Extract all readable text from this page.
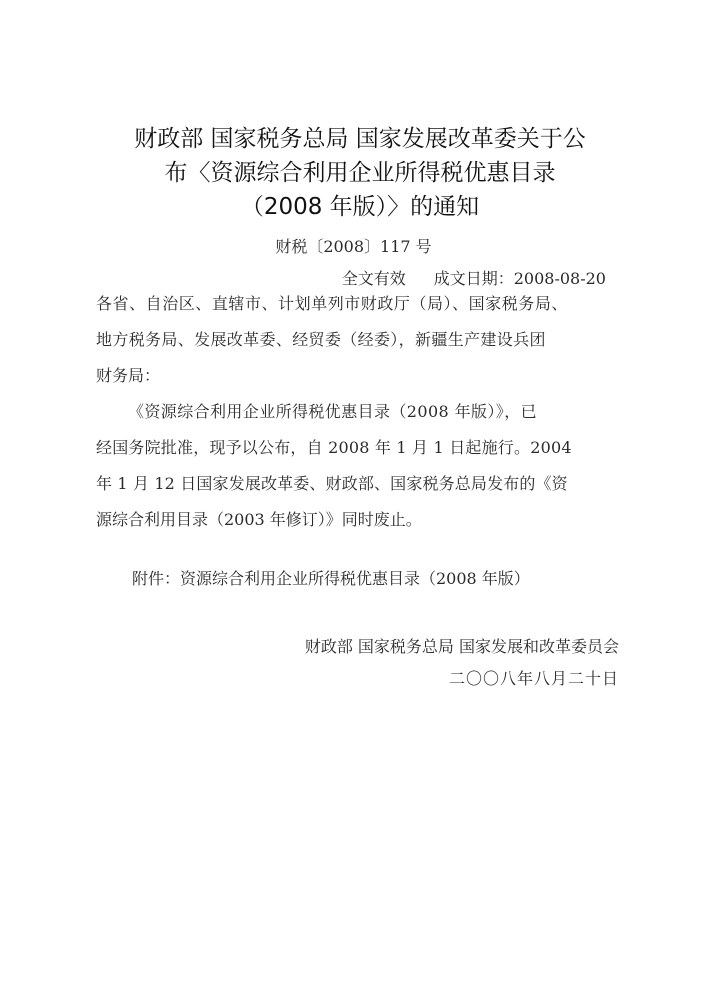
财政部 国家税务总局 国家发展改革委关于公
布〈资源综合利用企业所得税优惠目录
（2008 年版）〉的通知
财税〔2008〕117 号
全文有效 成文日期：2008-08-20
各省、自治区、直辖市、计划单列市财政厅（局）、国家税务局、
地方税务局、发展改革委、经贸委（经委），新疆生产建设兵团
财务局：
《资源综合利用企业所得税优惠目录（2008 年版）》，已
经国务院批准，现予以公布，自 2008 年 1 月 1 日起施行。2004
年 1 月 12 日国家发展改革委、财政部、国家税务总局发布的《资
源综合利用目录（2003 年修订）》同时废止。
附件：资源综合利用企业所得税优惠目录（2008 年版）
财政部 国家税务总局 国家发展和改革委员会
二〇〇八年八月二十日
